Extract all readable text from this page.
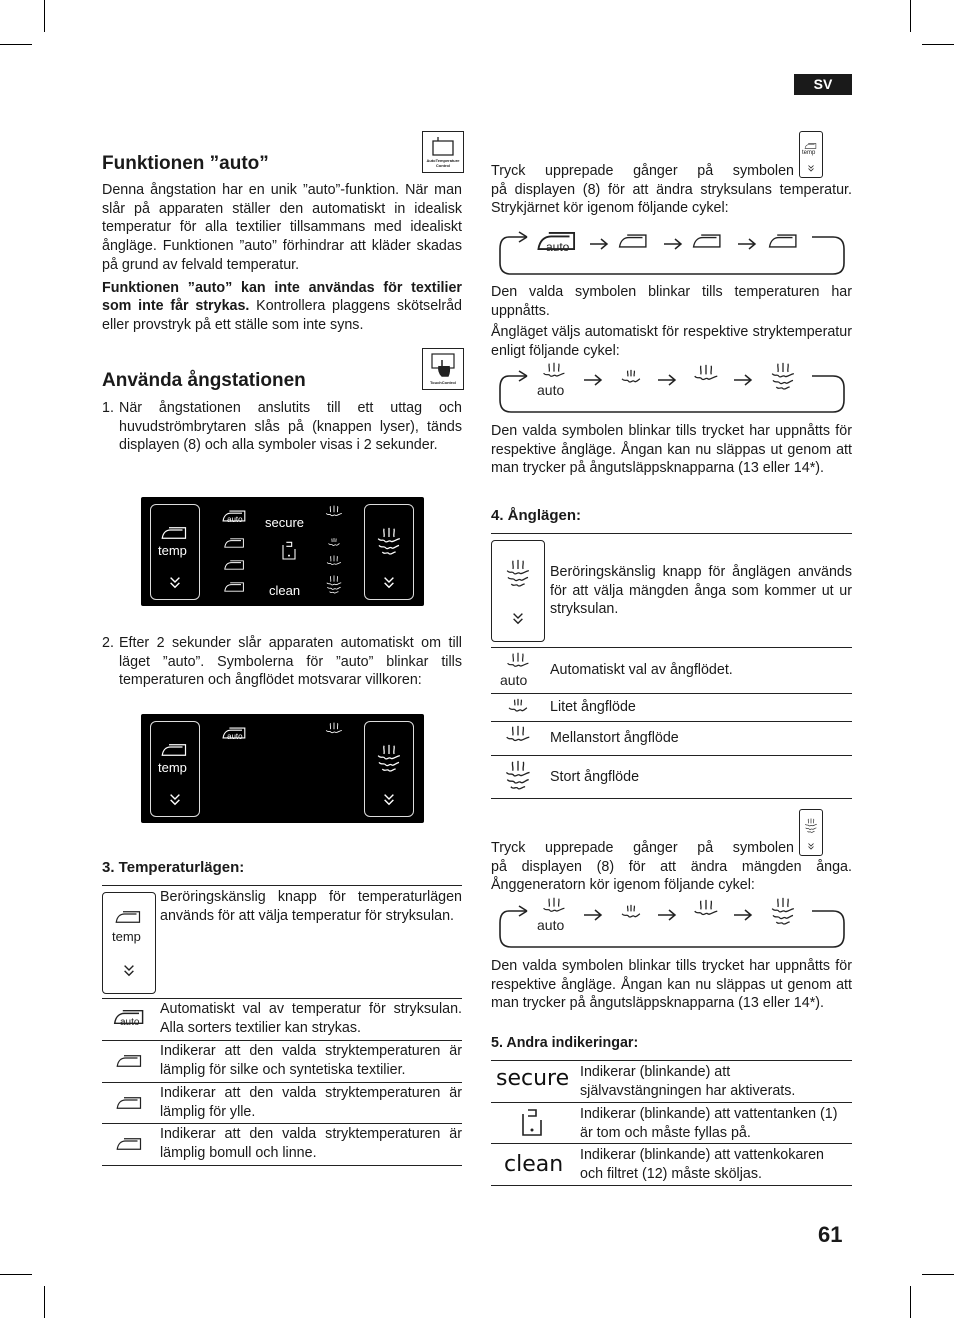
SV
Funktionen ”auto”	AutoTemperature Control

Denna ångstation har en unik ”auto”-funktion. När man slår på apparaten ställer den automatiskt in idealisk temperatur för alla textilier tillsammans med idealiskt ångläge. Funktionen ”auto” förhindrar att kläder skadas på grund av felvald temperatur.

Funktionen ”auto” kan inte användas för textilier som inte får strykas. Kontrollera plaggens skötselråd eller provstryk på ett ställe som inte syns.

Använda ångstationen	TouchControl
1. När ångstationen anslutits till ett uttag och huvudströmbrytaren slås på (knappen lyser), tänds displayen (8) och alla symboler visas i 2 sekunder.

temp
auto secure
clean
2. Efter 2 sekunder slår apparaten automatiskt om till läget ”auto”. Symbolerna för ”auto” blinkar tills temperaturen och ångflödet motsvarar villkoren:

temp
auto

3. Temperaturlägen:

temp

Beröringskänslig knapp för temperaturlägen används för att välja temperatur för stryksulan.

auto

Automatiskt val av temperatur för stryksulan. Alla sorters textilier kan strykas.

Indikerar att den valda stryktemperaturen är lämplig för silke och syntetiska textilier.

Indikerar att den valda stryktemperaturen är lämplig för ylle.

Indikerar att den valda stryktemperaturen är lämplig bomull och linne.

Tryck upprepade gånger på symbolen

på displayen (8) för att ändra stryksulans temperatur. Strykjärnet kör igenom följande cykel:

temp
auto

Den valda symbolen blinkar tills temperaturen har uppnåtts.

Ångläget väljs automatiskt för respektive stryktemperatur enligt följande cykel:

auto

Den valda symbolen blinkar tills trycket har uppnåtts för respektive ångläge. Ångan kan nu släppas ut genom att man trycker på ångutsläppsknapparna (13 eller 14*).

4. Ånglägen:

Beröringskänslig knapp för ånglägen används för att välja mängden ånga som kommer ut ur stryksulan.

auto

Automatiskt val av ångflödet.

Litet ångflöde

Mellanstort ångflöde

Stort ångflöde

Tryck upprepade gånger på symbolen

på displayen (8) för att ändra mängden ånga. Ånggeneratorn kör igenom följande cykel:

auto

Den valda symbolen blinkar tills trycket har uppnåtts för respektive ångläge. Ångan kan nu släppas ut genom att man trycker på ångutsläppsknapparna (13 eller 14*).

5. Andra indikeringar:

secure Indikerar (blinkande) att självavstängningen har aktiverats.

Indikerar (blinkande) att vattentanken (1) är tom och måste fyllas på.

clean Indikerar (blinkande) att vattenkokaren och filtret (12) måste sköljas.

61
